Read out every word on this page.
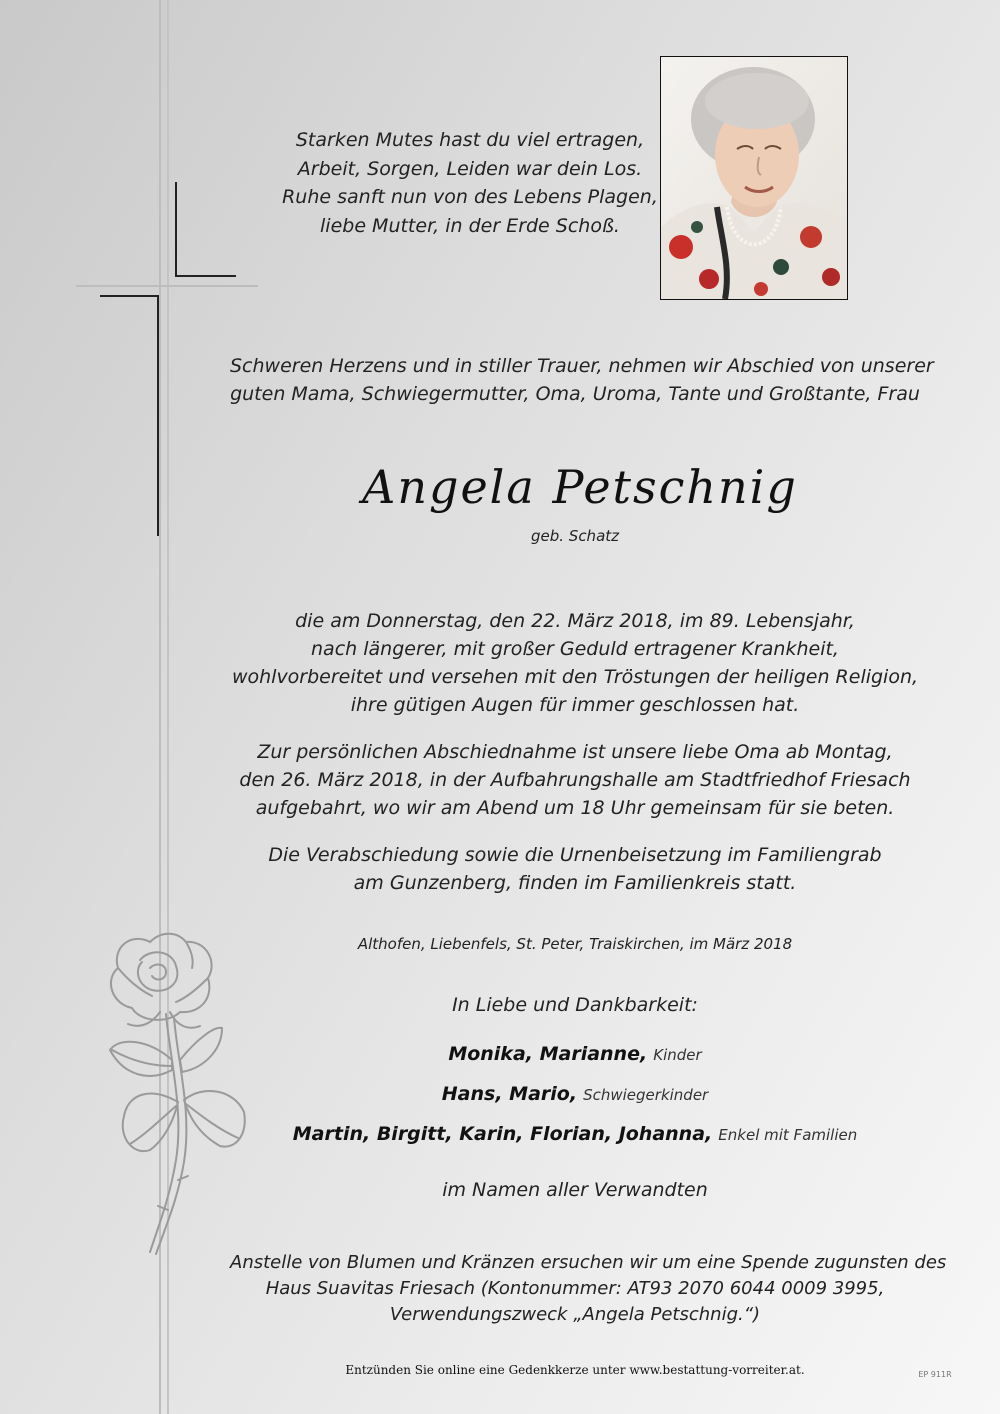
Starken Mutes hast du viel ertragen,
Arbeit, Sorgen, Leiden war dein Los.
Ruhe sanft nun von des Lebens Plagen,
liebe Mutter, in der Erde Schoß.
Schweren Herzens und in stiller Trauer, nehmen wir Abschied von unserer
guten Mama, Schwiegermutter, Oma, Uroma, Tante und Großtante, Frau
Angela Petschnig
geb. Schatz
die am Donnerstag, den 22. März 2018, im 89. Lebensjahr,
nach längerer, mit großer Geduld ertragener Krankheit,
wohlvorbereitet und versehen mit den Tröstungen der heiligen Religion,
ihre gütigen Augen für immer geschlossen hat.
Zur persönlichen Abschiednahme ist unsere liebe Oma ab Montag,
den 26. März 2018, in der Aufbahrungshalle am Stadtfriedhof Friesach
aufgebahrt, wo wir am Abend um 18 Uhr gemeinsam für sie beten.
Die Verabschiedung sowie die Urnenbeisetzung im Familiengrab
am Gunzenberg, finden im Familienkreis statt.
Althofen, Liebenfels, St. Peter, Traiskirchen, im März 2018
In Liebe und Dankbarkeit:
Monika, Marianne, Kinder
Hans, Mario, Schwiegerkinder
Martin, Birgitt, Karin, Florian, Johanna, Enkel mit Familien
im Namen aller Verwandten
Anstelle von Blumen und Kränzen ersuchen wir um eine Spende zugunsten des
Haus Suavitas Friesach (Kontonummer: AT93 2070 6044 0009 3995,
Verwendungszweck „Angela Petschnig.“)
Entzünden Sie online eine Gedenkkerze unter www.bestattung-vorreiter.at.	EP 911R
